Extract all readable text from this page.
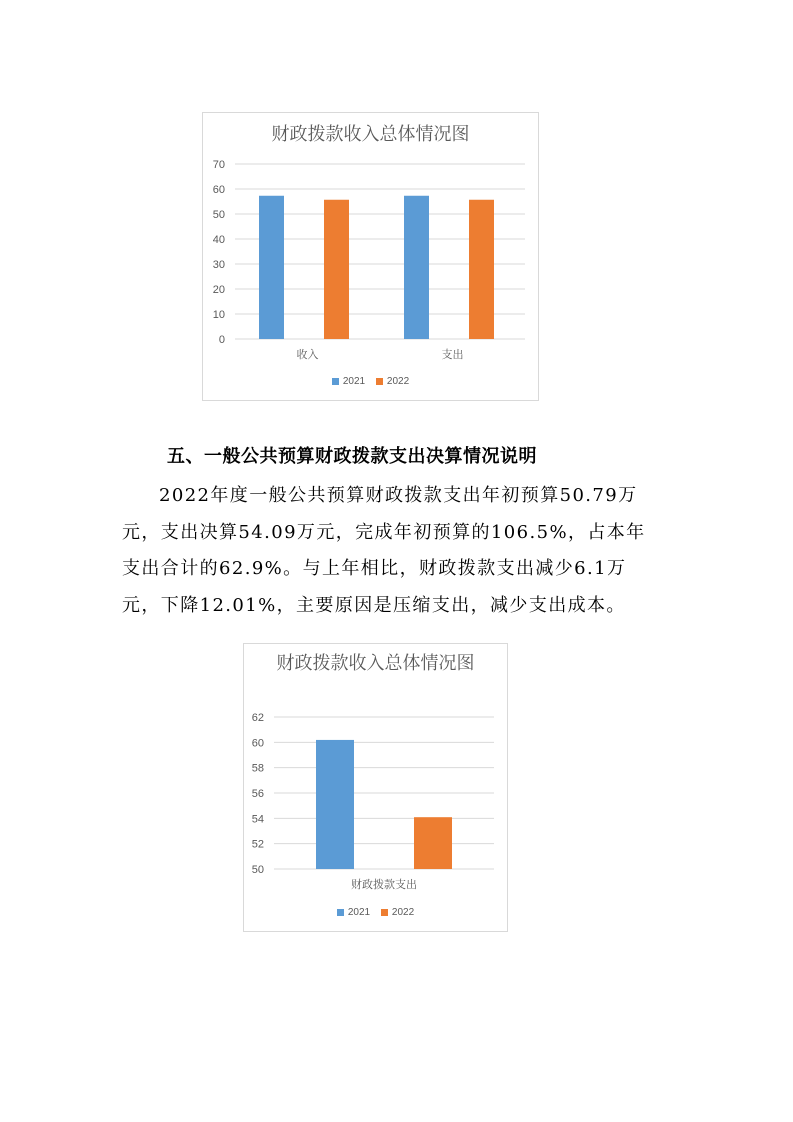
财政拨款收入总体情况图
0
10
20
30
40
50
60
70
收入	支出
2021
2022
五、一般公共预算财政拨款支出决算情况说明
2022年度一般公共预算财政拨款支出年初预算50.79万
元，支出决算54.09万元，完成年初预算的106.5%，占本年
支出合计的62.9%。与上年相比，财政拨款支出减少6.1万
元，下降12.01%，主要原因是压缩支出，减少支出成本。
财政拨款收入总体情况图
50
52
54
56
58
60
62
财政拨款支出
2021
2022
